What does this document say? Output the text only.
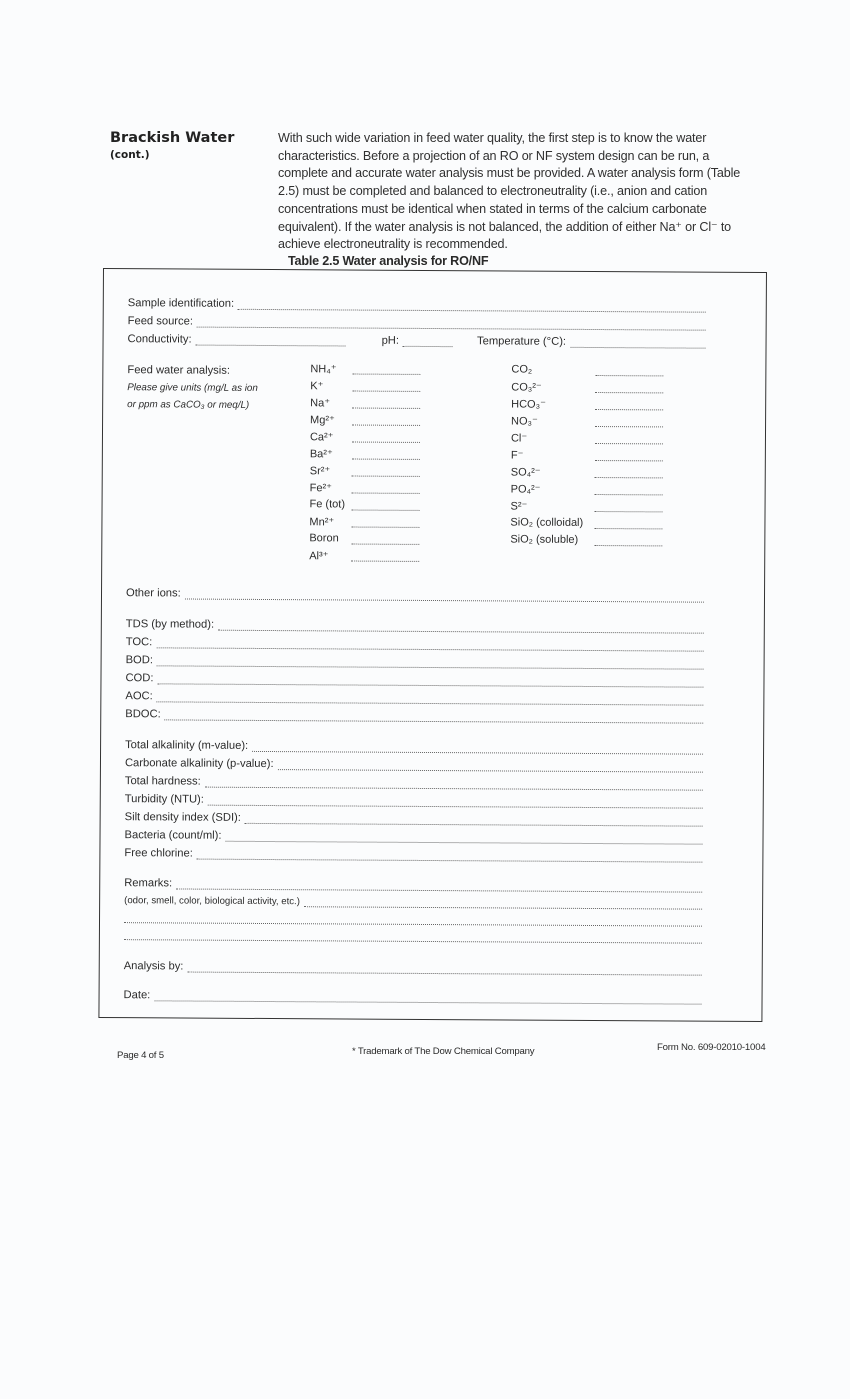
Brackish Water
(cont.)
With such wide variation in feed water quality, the first step is to know the water characteristics. Before a projection of an RO or NF system design can be run, a complete and accurate water analysis must be provided. A water analysis form (Table 2.5) must be completed and balanced to electroneutrality (i.e., anion and cation concentrations must be identical when stated in terms of the calcium carbonate equivalent). If the water analysis is not balanced, the addition of either Na⁺ or Cl⁻ to achieve electroneutrality is recommended.
Table 2.5 Water analysis for RO/NF
Sample identification:
Feed source:
Conductivity:	pH:	Temperature (°C):
Feed water analysis:
Please give units (mg/L as ion
or ppm as CaCO₃ or meq/L)
NH₄⁺
K⁺
Na⁺
Mg²⁺
Ca²⁺
Ba²⁺
Sr²⁺
Fe²⁺
Fe (tot)
Mn²⁺
Boron
Al³⁺
CO₂
CO₃²⁻
HCO₃⁻
NO₃⁻
Cl⁻
F⁻
SO₄²⁻
PO₄²⁻
S²⁻
SiO₂ (colloidal)
SiO₂ (soluble)
Other ions:
TDS (by method):
TOC:
BOD:
COD:
AOC:
BDOC:
Total alkalinity (m-value):
Carbonate alkalinity (p-value):
Total hardness:
Turbidity (NTU):
Silt density index (SDI):
Bacteria (count/ml):
Free chlorine:
Remarks:
(odor, smell, color, biological activity, etc.)
Analysis by:
Date:
Page 4 of 5	* Trademark of The Dow Chemical Company	Form No. 609-02010-1004
